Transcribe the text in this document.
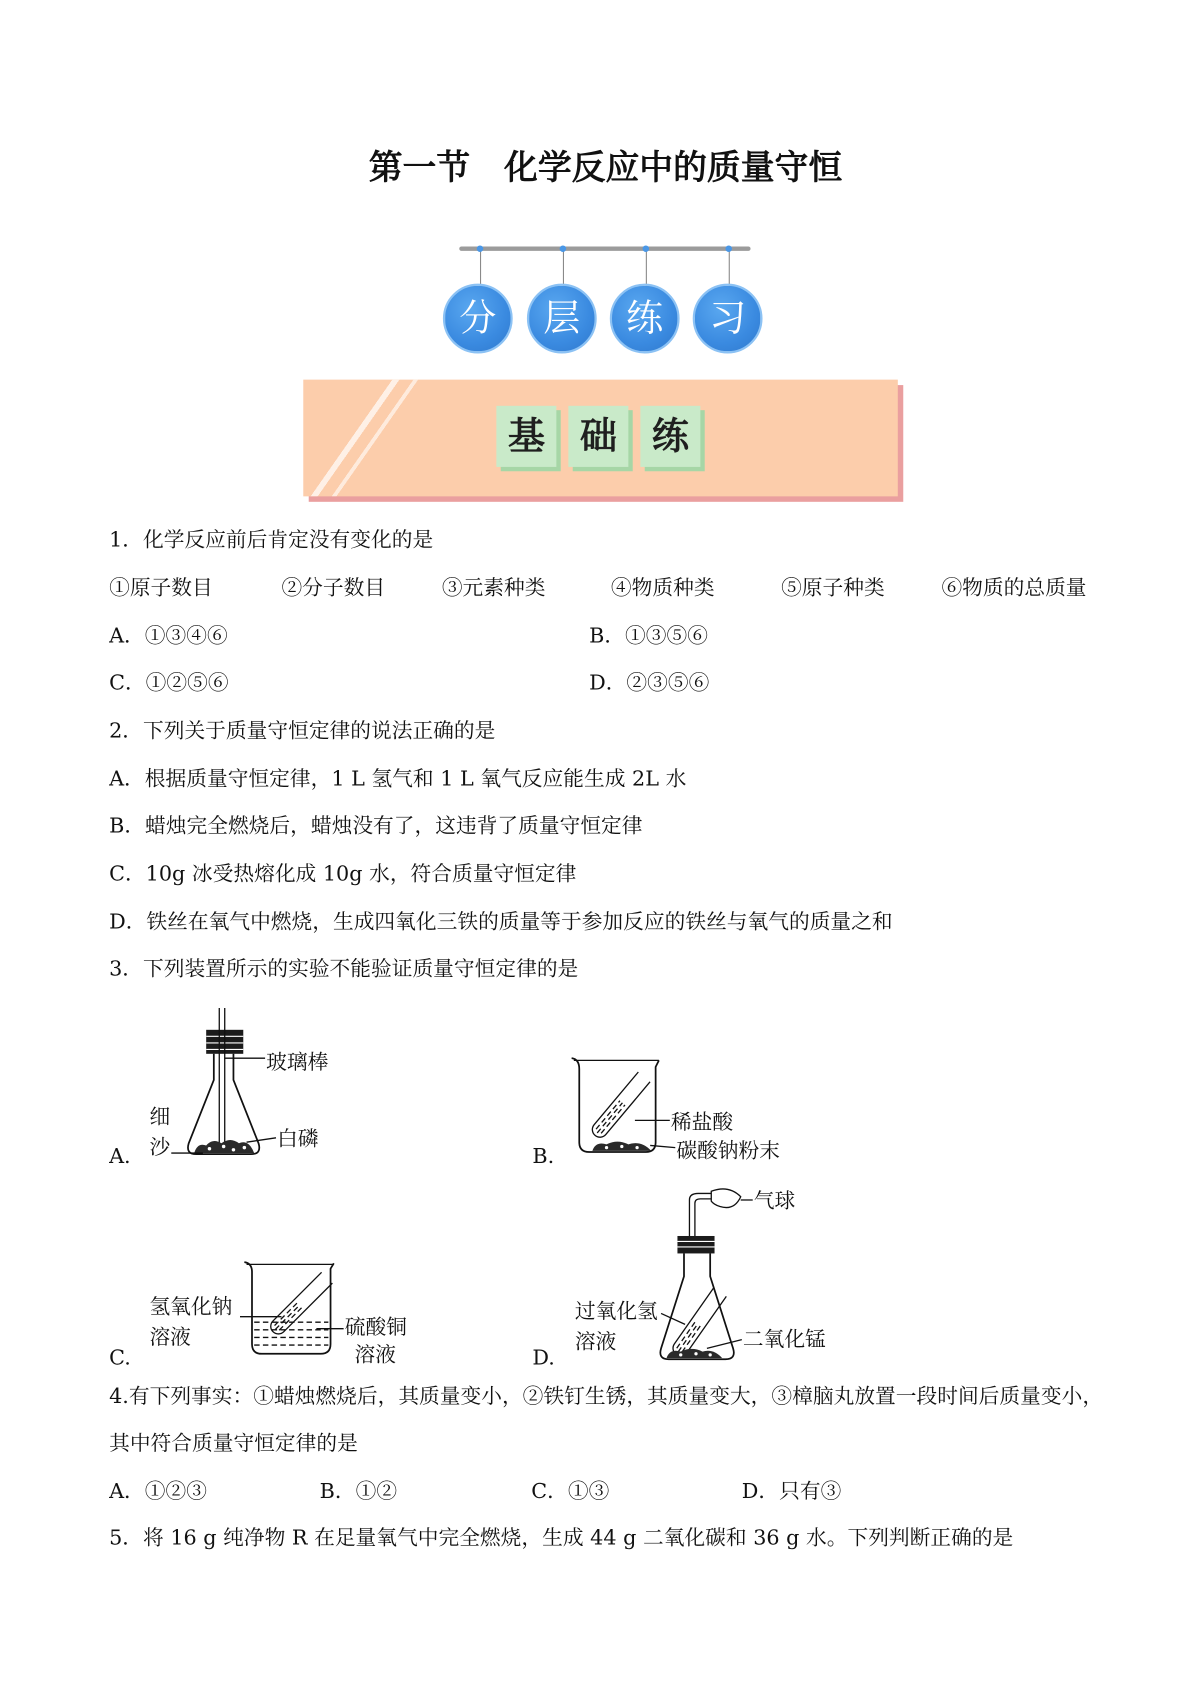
第一节　化学反应中的质量守恒
分	层	练	习
基	础	练
1．化学反应前后肯定没有变化的是
①原子数目	②分子数目	③元素种类	④物质种类	⑤原子种类	⑥物质的总质量
A．①③④⑥	B．①③⑤⑥
C．①②⑤⑥	D．②③⑤⑥
2．下列关于质量守恒定律的说法正确的是
A．根据质量守恒定律，1 L 氢气和 1 L 氧气反应能生成 2L 水
B．蜡烛完全燃烧后，蜡烛没有了，这违背了质量守恒定律
C．10g 冰受热熔化成 10g 水，符合质量守恒定律
D．铁丝在氧气中燃烧，生成四氧化三铁的质量等于参加反应的铁丝与氧气的质量之和
3．下列装置所示的实验不能验证质量守恒定律的是
A.	B.
C.	D.
玻璃棒
细
沙	白磷
稀盐酸
碳酸钠粉末
氢氧化钠
溶液	硫酸铜
溶液
气球
过氧化氢
溶液	二氧化锰
4.有下列事实：①蜡烛燃烧后，其质量变小，②铁钉生锈，其质量变大，③樟脑丸放置一段时间后质量变小，
其中符合质量守恒定律的是
A．①②③	B．①②	C．①③	D．只有③
5．将 16 g 纯净物 R 在足量氧气中完全燃烧，生成 44 g 二氧化碳和 36 g 水。下列判断正确的是
